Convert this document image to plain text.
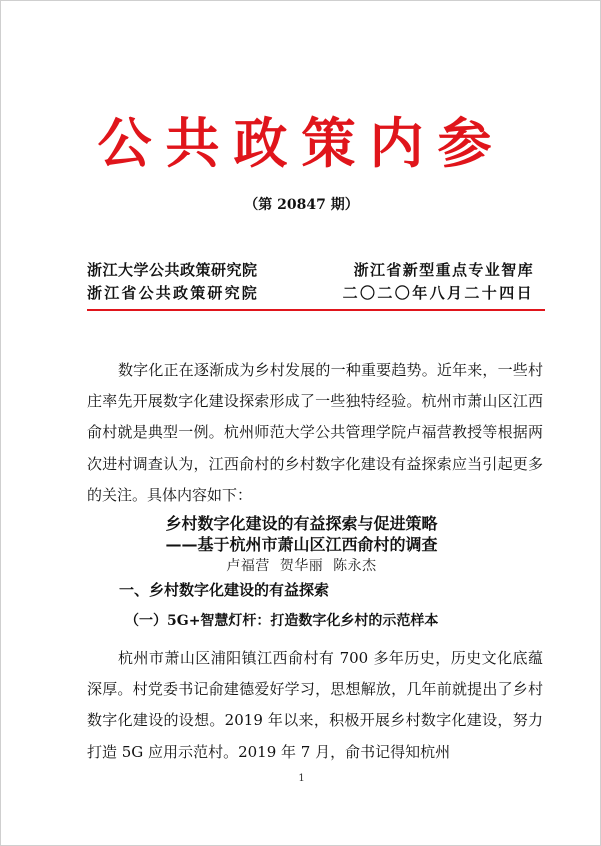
公共政策内参
（第 20847 期）
浙江大学公共政策研究院
浙江省公共政策研究院
浙江省新型重点专业智库
二〇二〇年八月二十四日

数字化正在逐渐成为乡村发展的一种重要趋势。近年来，一些村庄率先开展数字化建设探索形成了一些独特经验。杭州市萧山区江西俞村就是典型一例。杭州师范大学公共管理学院卢福营教授等根据两次进村调查认为，江西俞村的乡村数字化建设有益探索应当引起更多的关注。具体内容如下：

乡村数字化建设的有益探索与促进策略
——基于杭州市萧山区江西俞村的调查
卢福营  贺华丽  陈永杰
一、乡村数字化建设的有益探索
（一）5G+智慧灯杆：打造数字化乡村的示范样本

杭州市萧山区浦阳镇江西俞村有 700 多年历史，历史文化底蕴深厚。村党委书记俞建德爱好学习，思想解放，几年前就提出了乡村数字化建设的设想。2019 年以来，积极开展乡村数字化建设，努力打造 5G 应用示范村。2019 年 7 月，俞书记得知杭州

1
